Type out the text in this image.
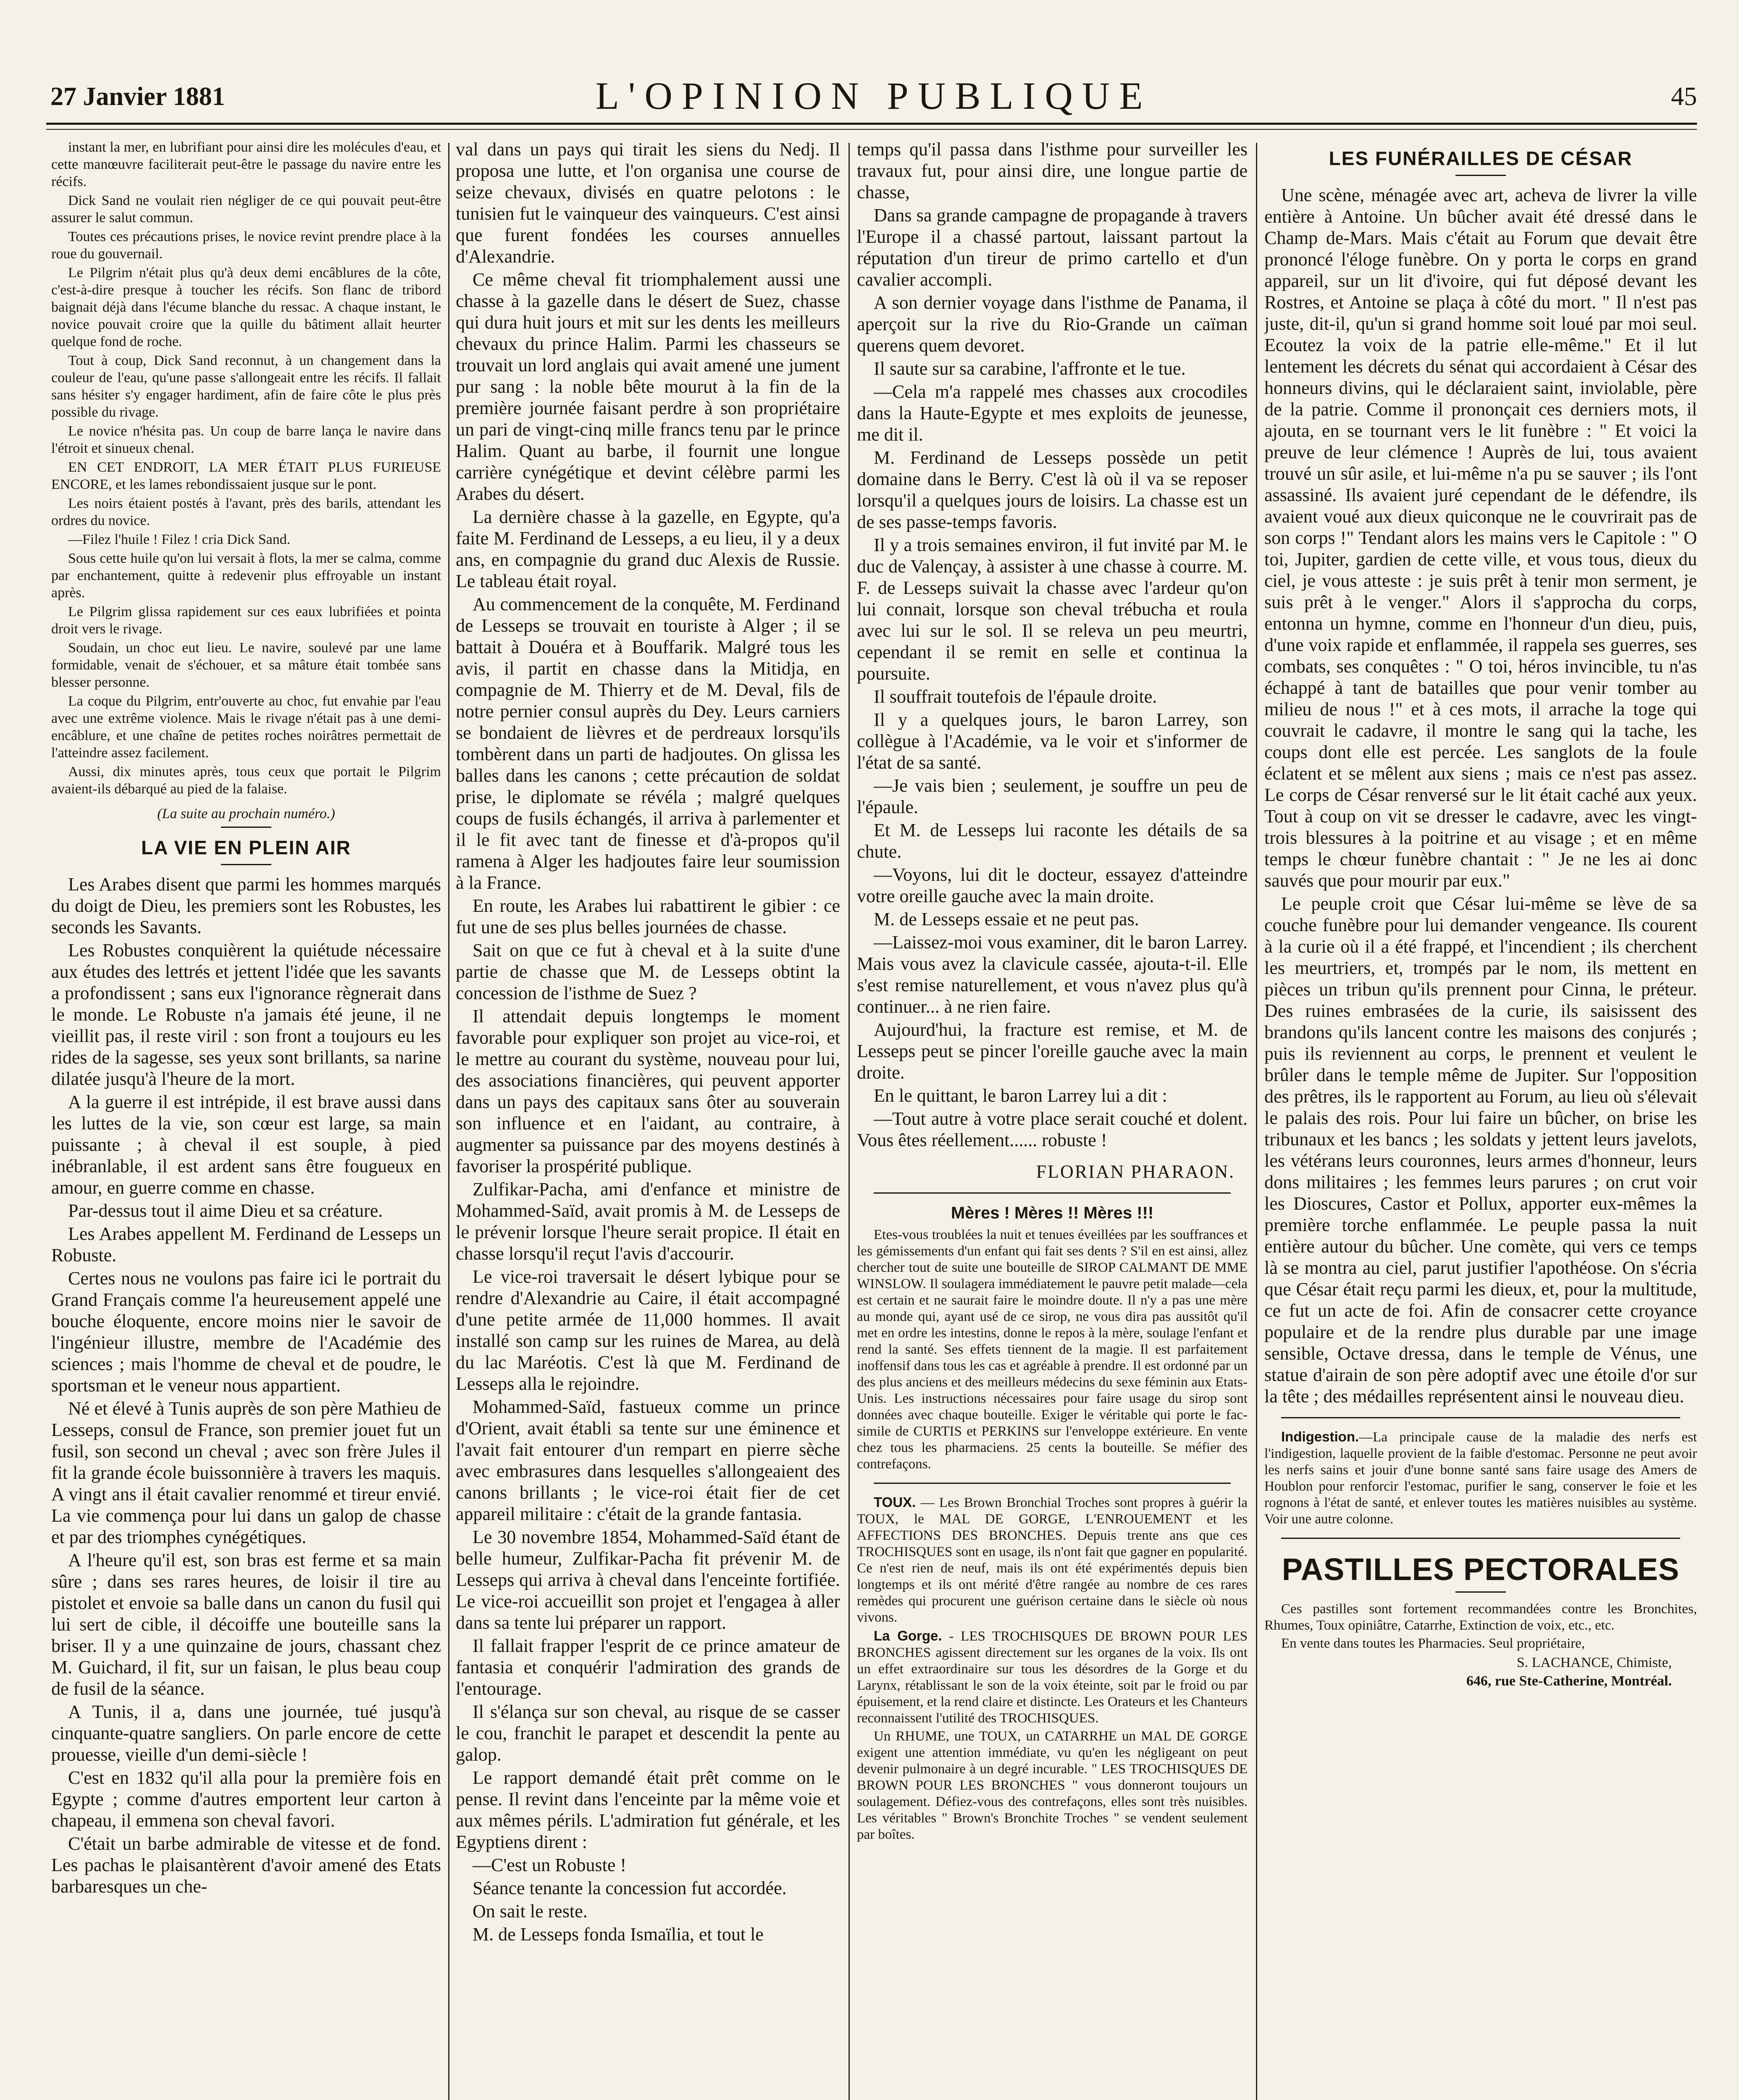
27 Janvier 1881	L'OPINION PUBLIQUE	45

instant la mer, en lubrifiant pour ainsi dire les molécules d'eau, et cette manœuvre faciliterait peut-être le passage du navire entre les récifs.

Dick Sand ne voulait rien négliger de ce qui pouvait peut-être assurer le salut commun.

Toutes ces précautions prises, le novice revint prendre place à la roue du gouvernail.

Le Pilgrim n'était plus qu'à deux demi encâblures de la côte, c'est-à-dire presque à toucher les récifs. Son flanc de tribord baignait déjà dans l'écume blanche du ressac. A chaque instant, le novice pouvait croire que la quille du bâtiment allait heurter quelque fond de roche.

Tout à coup, Dick Sand reconnut, à un changement dans la couleur de l'eau, qu'une passe s'allongeait entre les récifs. Il fallait sans hésiter s'y engager hardiment, afin de faire côte le plus près possible du rivage.

Le novice n'hésita pas. Un coup de barre lança le navire dans l'étroit et sinueux chenal.

EN CET ENDROIT, LA MER ÉTAIT PLUS FURIEUSE ENCORE, et les lames rebondissaient jusque sur le pont.

Les noirs étaient postés à l'avant, près des barils, attendant les ordres du novice.

—Filez l'huile ! Filez ! cria Dick Sand.

Sous cette huile qu'on lui versait à flots, la mer se calma, comme par enchantement, quitte à redevenir plus effroyable un instant après.

Le Pilgrim glissa rapidement sur ces eaux lubrifiées et pointa droit vers le rivage.

Soudain, un choc eut lieu. Le navire, soulevé par une lame formidable, venait de s'échouer, et sa mâture était tombée sans blesser personne.

La coque du Pilgrim, entr'ouverte au choc, fut envahie par l'eau avec une extrême violence. Mais le rivage n'était pas à une demi-encâblure, et une chaîne de petites roches noirâtres permettait de l'atteindre assez facilement.

Aussi, dix minutes après, tous ceux que portait le Pilgrim avaient-ils débarqué au pied de la falaise.

(La suite au prochain numéro.)

LA VIE EN PLEIN AIR

Les Arabes disent que parmi les hommes marqués du doigt de Dieu, les premiers sont les Robustes, les seconds les Savants.

Les Robustes conquièrent la quiétude nécessaire aux études des lettrés et jettent l'idée que les savants a profondissent ; sans eux l'ignorance règnerait dans le monde. Le Robuste n'a jamais été jeune, il ne vieillit pas, il reste viril : son front a toujours eu les rides de la sagesse, ses yeux sont brillants, sa narine dilatée jusqu'à l'heure de la mort.

A la guerre il est intrépide, il est brave aussi dans les luttes de la vie, son cœur est large, sa main puissante ; à cheval il est souple, à pied inébranlable, il est ardent sans être fougueux en amour, en guerre comme en chasse.

Par-dessus tout il aime Dieu et sa créature.

Les Arabes appellent M. Ferdinand de Lesseps un Robuste.

Certes nous ne voulons pas faire ici le portrait du Grand Français comme l'a heureusement appelé une bouche éloquente, encore moins nier le savoir de l'ingénieur illustre, membre de l'Académie des sciences ; mais l'homme de cheval et de poudre, le sportsman et le veneur nous appartient.

Né et élevé à Tunis auprès de son père Mathieu de Lesseps, consul de France, son premier jouet fut un fusil, son second un cheval ; avec son frère Jules il fit la grande école buissonnière à travers les maquis. A vingt ans il était cavalier renommé et tireur envié. La vie commença pour lui dans un galop de chasse et par des triomphes cynégétiques.

A l'heure qu'il est, son bras est ferme et sa main sûre ; dans ses rares heures, de loisir il tire au pistolet et envoie sa balle dans un canon du fusil qui lui sert de cible, il décoiffe une bouteille sans la briser. Il y a une quinzaine de jours, chassant chez M. Guichard, il fit, sur un faisan, le plus beau coup de fusil de la séance.

A Tunis, il a, dans une journée, tué jusqu'à cinquante-quatre sangliers. On parle encore de cette prouesse, vieille d'un demi-siècle !

C'est en 1832 qu'il alla pour la première fois en Egypte ; comme d'autres emportent leur carton à chapeau, il emmena son cheval favori.

C'était un barbe admirable de vitesse et de fond. Les pachas le plaisantèrent d'avoir amené des Etats barbaresques un che-

val dans un pays qui tirait les siens du Nedj. Il proposa une lutte, et l'on organisa une course de seize chevaux, divisés en quatre pelotons : le tunisien fut le vainqueur des vainqueurs. C'est ainsi que furent fondées les courses annuelles d'Alexandrie.

Ce même cheval fit triomphalement aussi une chasse à la gazelle dans le désert de Suez, chasse qui dura huit jours et mit sur les dents les meilleurs chevaux du prince Halim. Parmi les chasseurs se trouvait un lord anglais qui avait amené une jument pur sang : la noble bête mourut à la fin de la première journée faisant perdre à son propriétaire un pari de vingt-cinq mille francs tenu par le prince Halim. Quant au barbe, il fournit une longue carrière cynégétique et devint célèbre parmi les Arabes du désert.

La dernière chasse à la gazelle, en Egypte, qu'a faite M. Ferdinand de Lesseps, a eu lieu, il y a deux ans, en compagnie du grand duc Alexis de Russie. Le tableau était royal.

Au commencement de la conquête, M. Ferdinand de Lesseps se trouvait en touriste à Alger ; il se battait à Douéra et à Bouffarik. Malgré tous les avis, il partit en chasse dans la Mitidja, en compagnie de M. Thierry et de M. Deval, fils de notre pernier consul auprès du Dey. Leurs carniers se bondaient de lièvres et de perdreaux lorsqu'ils tombèrent dans un parti de hadjoutes. On glissa les balles dans les canons ; cette précaution de soldat prise, le diplomate se révéla ; malgré quelques coups de fusils échangés, il arriva à parlementer et il le fit avec tant de finesse et d'à-propos qu'il ramena à Alger les hadjoutes faire leur soumission à la France.

En route, les Arabes lui rabattirent le gibier : ce fut une de ses plus belles journées de chasse.

Sait on que ce fut à cheval et à la suite d'une partie de chasse que M. de Lesseps obtint la concession de l'isthme de Suez ?

Il attendait depuis longtemps le moment favorable pour expliquer son projet au vice-roi, et le mettre au courant du système, nouveau pour lui, des associations financières, qui peuvent apporter dans un pays des capitaux sans ôter au souverain son influence et en l'aidant, au contraire, à augmenter sa puissance par des moyens destinés à favoriser la prospérité publique.

Zulfikar-Pacha, ami d'enfance et ministre de Mohammed-Saïd, avait promis à M. de Lesseps de le prévenir lorsque l'heure serait propice. Il était en chasse lorsqu'il reçut l'avis d'accourir.

Le vice-roi traversait le désert lybique pour se rendre d'Alexandrie au Caire, il était accompagné d'une petite armée de 11,000 hommes. Il avait installé son camp sur les ruines de Marea, au delà du lac Maréotis. C'est là que M. Ferdinand de Lesseps alla le rejoindre.

Mohammed-Saïd, fastueux comme un prince d'Orient, avait établi sa tente sur une éminence et l'avait fait entourer d'un rempart en pierre sèche avec embrasures dans lesquelles s'allongeaient des canons brillants ; le vice-roi était fier de cet appareil militaire : c'était de la grande fantasia.

Le 30 novembre 1854, Mohammed-Saïd étant de belle humeur, Zulfikar-Pacha fit prévenir M. de Lesseps qui arriva à cheval dans l'enceinte fortifiée. Le vice-roi accueillit son projet et l'engagea à aller dans sa tente lui préparer un rapport.

Il fallait frapper l'esprit de ce prince amateur de fantasia et conquérir l'admiration des grands de l'entourage.

Il s'élança sur son cheval, au risque de se casser le cou, franchit le parapet et descendit la pente au galop.

Le rapport demandé était prêt comme on le pense. Il revint dans l'enceinte par la même voie et aux mêmes périls. L'admiration fut générale, et les Egyptiens dirent :

—C'est un Robuste !

Séance tenante la concession fut accordée.

On sait le reste.

M. de Lesseps fonda Ismaïlia, et tout le

temps qu'il passa dans l'isthme pour surveiller les travaux fut, pour ainsi dire, une longue partie de chasse,

Dans sa grande campagne de propagande à travers l'Europe il a chassé partout, laissant partout la réputation d'un tireur de primo cartello et d'un cavalier accompli.

A son dernier voyage dans l'isthme de Panama, il aperçoit sur la rive du Rio-Grande un caïman querens quem devoret.

Il saute sur sa carabine, l'affronte et le tue.

—Cela m'a rappelé mes chasses aux crocodiles dans la Haute-Egypte et mes exploits de jeunesse, me dit il.

M. Ferdinand de Lesseps possède un petit domaine dans le Berry. C'est là où il va se reposer lorsqu'il a quelques jours de loisirs. La chasse est un de ses passe-temps favoris.

Il y a trois semaines environ, il fut invité par M. le duc de Valençay, à assister à une chasse à courre. M. F. de Lesseps suivait la chasse avec l'ardeur qu'on lui connait, lorsque son cheval trébucha et roula avec lui sur le sol. Il se releva un peu meurtri, cependant il se remit en selle et continua la poursuite.

Il souffrait toutefois de l'épaule droite.

Il y a quelques jours, le baron Larrey, son collègue à l'Académie, va le voir et s'informer de l'état de sa santé.

—Je vais bien ; seulement, je souffre un peu de l'épaule.

Et M. de Lesseps lui raconte les détails de sa chute.

—Voyons, lui dit le docteur, essayez d'atteindre votre oreille gauche avec la main droite.

M. de Lesseps essaie et ne peut pas.

—Laissez-moi vous examiner, dit le baron Larrey. Mais vous avez la clavicule cassée, ajouta-t-il. Elle s'est remise naturellement, et vous n'avez plus qu'à continuer... à ne rien faire.

Aujourd'hui, la fracture est remise, et M. de Lesseps peut se pincer l'oreille gauche avec la main droite.

En le quittant, le baron Larrey lui a dit :

—Tout autre à votre place serait couché et dolent. Vous êtes réellement...... robuste !

FLORIAN PHARAON.

Mères ! Mères !! Mères !!!

Etes-vous troublées la nuit et tenues éveillées par les souffrances et les gémissements d'un enfant qui fait ses dents ? S'il en est ainsi, allez chercher tout de suite une bouteille de SIROP CALMANT DE MME WINSLOW. Il soulagera immédiatement le pauvre petit malade—cela est certain et ne saurait faire le moindre doute. Il n'y a pas une mère au monde qui, ayant usé de ce sirop, ne vous dira pas aussitôt qu'il met en ordre les intestins, donne le repos à la mère, soulage l'enfant et rend la santé. Ses effets tiennent de la magie. Il est parfaitement inoffensif dans tous les cas et agréable à prendre. Il est ordonné par un des plus anciens et des meilleurs médecins du sexe féminin aux Etats-Unis. Les instructions nécessaires pour faire usage du sirop sont données avec chaque bouteille. Exiger le véritable qui porte le fac-simile de CURTIS et PERKINS sur l'enveloppe extérieure. En vente chez tous les pharmaciens. 25 cents la bouteille. Se méfier des contrefaçons.

TOUX. — Les Brown Bronchial Troches sont propres à guérir la TOUX, le MAL DE GORGE, L'ENROUEMENT et les AFFECTIONS DES BRONCHES. Depuis trente ans que ces TROCHISQUES sont en usage, ils n'ont fait que gagner en popularité. Ce n'est rien de neuf, mais ils ont été expérimentés depuis bien longtemps et ils ont mérité d'être rangée au nombre de ces rares remèdes qui procurent une guérison certaine dans le siècle où nous vivons.

La Gorge. - LES TROCHISQUES DE BROWN POUR LES BRONCHES agissent directement sur les organes de la voix. Ils ont un effet extraordinaire sur tous les désordres de la Gorge et du Larynx, rétablissant le son de la voix éteinte, soit par le froid ou par épuisement, et la rend claire et distincte. Les Orateurs et les Chanteurs reconnaissent l'utilité des TROCHISQUES.

Un RHUME, une TOUX, un CATARRHE un MAL DE GORGE exigent une attention immédiate, vu qu'en les négligeant on peut devenir pulmonaire à un degré incurable. " LES TROCHISQUES DE BROWN POUR LES BRONCHES " vous donneront toujours un soulagement. Défiez-vous des contrefaçons, elles sont très nuisibles. Les véritables " Brown's Bronchite Troches " se vendent seulement par boîtes.

LES FUNÉRAILLES DE CÉSAR

Une scène, ménagée avec art, acheva de livrer la ville entière à Antoine. Un bûcher avait été dressé dans le Champ de-Mars. Mais c'était au Forum que devait être prononcé l'éloge funèbre. On y porta le corps en grand appareil, sur un lit d'ivoire, qui fut déposé devant les Rostres, et Antoine se plaça à côté du mort. " Il n'est pas juste, dit-il, qu'un si grand homme soit loué par moi seul. Ecoutez la voix de la patrie elle-même." Et il lut lentement les décrets du sénat qui accordaient à César des honneurs divins, qui le déclaraient saint, inviolable, père de la patrie. Comme il prononçait ces derniers mots, il ajouta, en se tournant vers le lit funèbre : " Et voici la preuve de leur clémence ! Auprès de lui, tous avaient trouvé un sûr asile, et lui-même n'a pu se sauver ; ils l'ont assassiné. Ils avaient juré cependant de le défendre, ils avaient voué aux dieux quiconque ne le couvrirait pas de son corps !" Tendant alors les mains vers le Capitole : " O toi, Jupiter, gardien de cette ville, et vous tous, dieux du ciel, je vous atteste : je suis prêt à tenir mon serment, je suis prêt à le venger." Alors il s'approcha du corps, entonna un hymne, comme en l'honneur d'un dieu, puis, d'une voix rapide et enflammée, il rappela ses guerres, ses combats, ses conquêtes : " O toi, héros invincible, tu n'as échappé à tant de batailles que pour venir tomber au milieu de nous !" et à ces mots, il arrache la toge qui couvrait le cadavre, il montre le sang qui la tache, les coups dont elle est percée. Les sanglots de la foule éclatent et se mêlent aux siens ; mais ce n'est pas assez. Le corps de César renversé sur le lit était caché aux yeux. Tout à coup on vit se dresser le cadavre, avec les vingt-trois blessures à la poitrine et au visage ; et en même temps le chœur funèbre chantait : " Je ne les ai donc sauvés que pour mourir par eux."

Le peuple croit que César lui-même se lève de sa couche funèbre pour lui demander vengeance. Ils courent à la curie où il a été frappé, et l'incendient ; ils cherchent les meurtriers, et, trompés par le nom, ils mettent en pièces un tribun qu'ils prennent pour Cinna, le préteur. Des ruines embrasées de la curie, ils saisissent des brandons qu'ils lancent contre les maisons des conjurés ; puis ils reviennent au corps, le prennent et veulent le brûler dans le temple même de Jupiter. Sur l'opposition des prêtres, ils le rapportent au Forum, au lieu où s'élevait le palais des rois. Pour lui faire un bûcher, on brise les tribunaux et les bancs ; les soldats y jettent leurs javelots, les vétérans leurs couronnes, leurs armes d'honneur, leurs dons militaires ; les femmes leurs parures ; on crut voir les Dioscures, Castor et Pollux, apporter eux-mêmes la première torche enflammée. Le peuple passa la nuit entière autour du bûcher. Une comète, qui vers ce temps là se montra au ciel, parut justifier l'apothéose. On s'écria que César était reçu parmi les dieux, et, pour la multitude, ce fut un acte de foi. Afin de consacrer cette croyance populaire et de la rendre plus durable par une image sensible, Octave dressa, dans le temple de Vénus, une statue d'airain de son père adoptif avec une étoile d'or sur la tête ; des médailles représentent ainsi le nouveau dieu.

Indigestion.—La principale cause de la maladie des nerfs est l'indigestion, laquelle provient de la faible d'estomac. Personne ne peut avoir les nerfs sains et jouir d'une bonne santé sans faire usage des Amers de Houblon pour renforcir l'estomac, purifier le sang, conserver le foie et les rognons à l'état de santé, et enlever toutes les matières nuisibles au système. Voir une autre colonne.

PASTILLES PECTORALES

Ces pastilles sont fortement recommandées contre les Bronchites, Rhumes, Toux opiniâtre, Catarrhe, Extinction de voix, etc., etc.

En vente dans toutes les Pharmacies. Seul propriétaire,

S. LACHANCE, Chimiste,
646, rue Ste-Catherine, Montréal.
